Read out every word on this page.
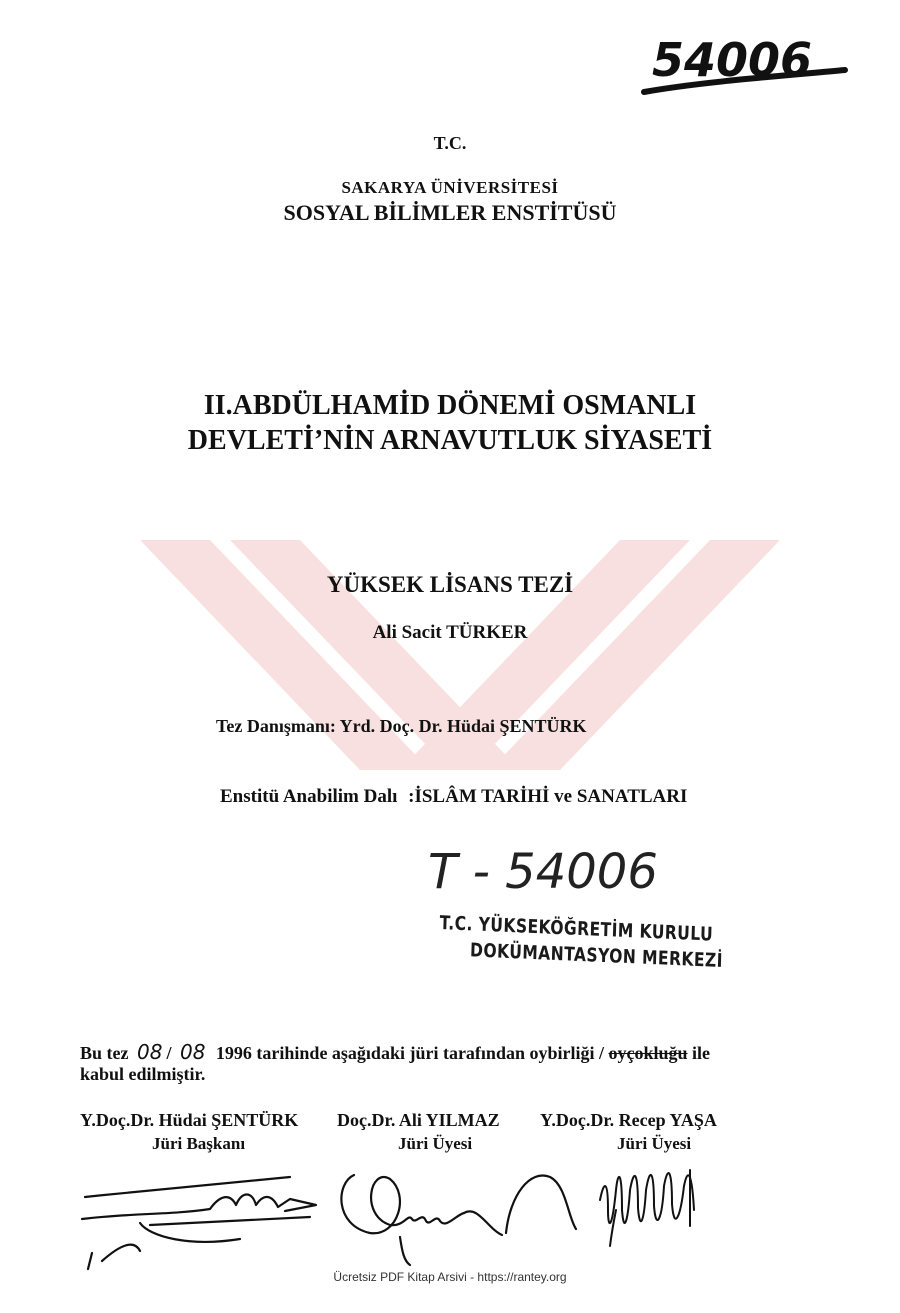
54006
T.C.
SAKARYA ÜNİVERSİTESİ
SOSYAL BİLİMLER ENSTİTÜSÜ
II.ABDÜLHAMİD DÖNEMİ OSMANLI
DEVLETİ’NİN ARNAVUTLUK SİYASETİ
YÜKSEK LİSANS TEZİ
Ali Sacit TÜRKER
Tez Danışmanı: Yrd. Doç. Dr. Hüdai ŞENTÜRK
Enstitü Anabilim Dalı :İSLÂM TARİHİ ve SANATLARI
T - 54006
T.C. YÜKSEKÖĞRETİM KURULU
DOKÜMANTASYON MERKEZİ
Bu tez 08 / 08 1996 tarihinde aşağıdaki jüri tarafından oybirliği / oyçokluğu ile
kabul edilmiştir.
Y.Doç.Dr. Hüdai ŞENTÜRK
Jüri Başkanı
Doç.Dr. Ali YILMAZ
Jüri Üyesi
Y.Doç.Dr. Recep YAŞA
Jüri Üyesi
Ücretsiz PDF Kitap Arsivi - https://rantey.org
